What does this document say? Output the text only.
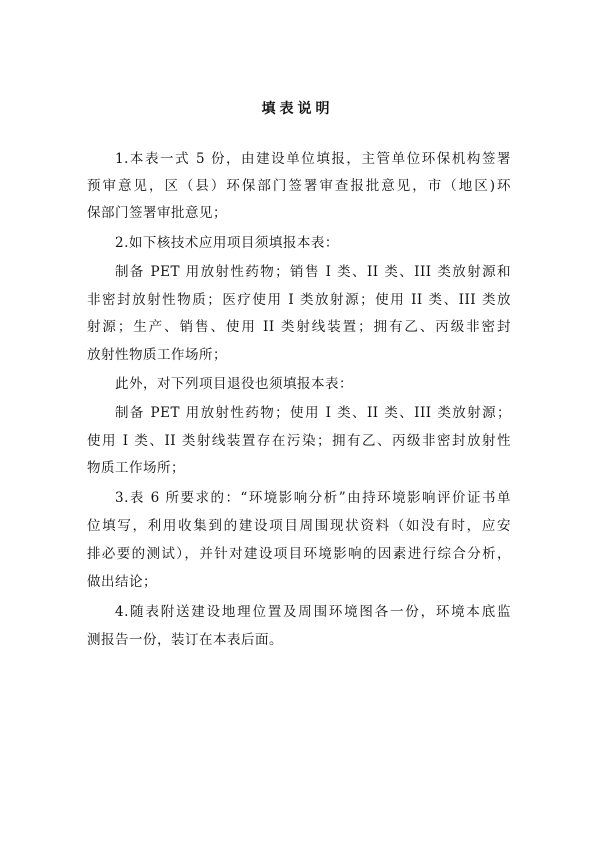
填表说明
1.本表一式 5 份，由建设单位填报，主管单位环保机构签署
预审意见，区（县）环保部门签署审查报批意见，市（地区)环
保部门签署审批意见；
2.如下核技术应用项目须填报本表：
制备 PET 用放射性药物；销售 I 类、II 类、III 类放射源和
非密封放射性物质；医疗使用 I 类放射源；使用 II 类、III 类放
射源；生产、销售、使用 II 类射线装置；拥有乙、丙级非密封
放射性物质工作场所；
此外，对下列项目退役也须填报本表：
制备 PET 用放射性药物；使用 I 类、II 类、III 类放射源；
使用 I 类、II 类射线装置存在污染；拥有乙、丙级非密封放射性
物质工作场所；
3.表 6 所要求的：“环境影响分析”由持环境影响评价证书单
位填写，利用收集到的建设项目周围现状资料（如没有时，应安
排必要的测试），并针对建设项目环境影响的因素进行综合分析，
做出结论；
4.随表附送建设地理位置及周围环境图各一份，环境本底监
测报告一份，装订在本表后面。
